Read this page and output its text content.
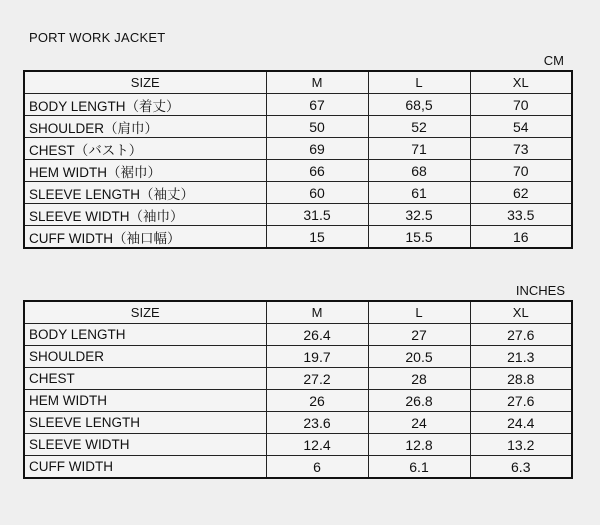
PORT WORK JACKET
CM
SIZE	M	L	XL
BODY LENGTH（着丈）	67	68,5	70
SHOULDER（肩巾）	50	52	54
CHEST（バスト）	69	71	73
HEM WIDTH（裾巾）	66	68	70
SLEEVE LENGTH（袖丈）	60	61	62
SLEEVE WIDTH（袖巾）	31.5	32.5	33.5
CUFF WIDTH（袖口幅）	15	15.5	16
INCHES
SIZE	M	L	XL
BODY LENGTH	26.4	27	27.6
SHOULDER	19.7	20.5	21.3
CHEST	27.2	28	28.8
HEM WIDTH	26	26.8	27.6
SLEEVE LENGTH	23.6	24	24.4
SLEEVE WIDTH	12.4	12.8	13.2
CUFF WIDTH	6	6.1	6.3
